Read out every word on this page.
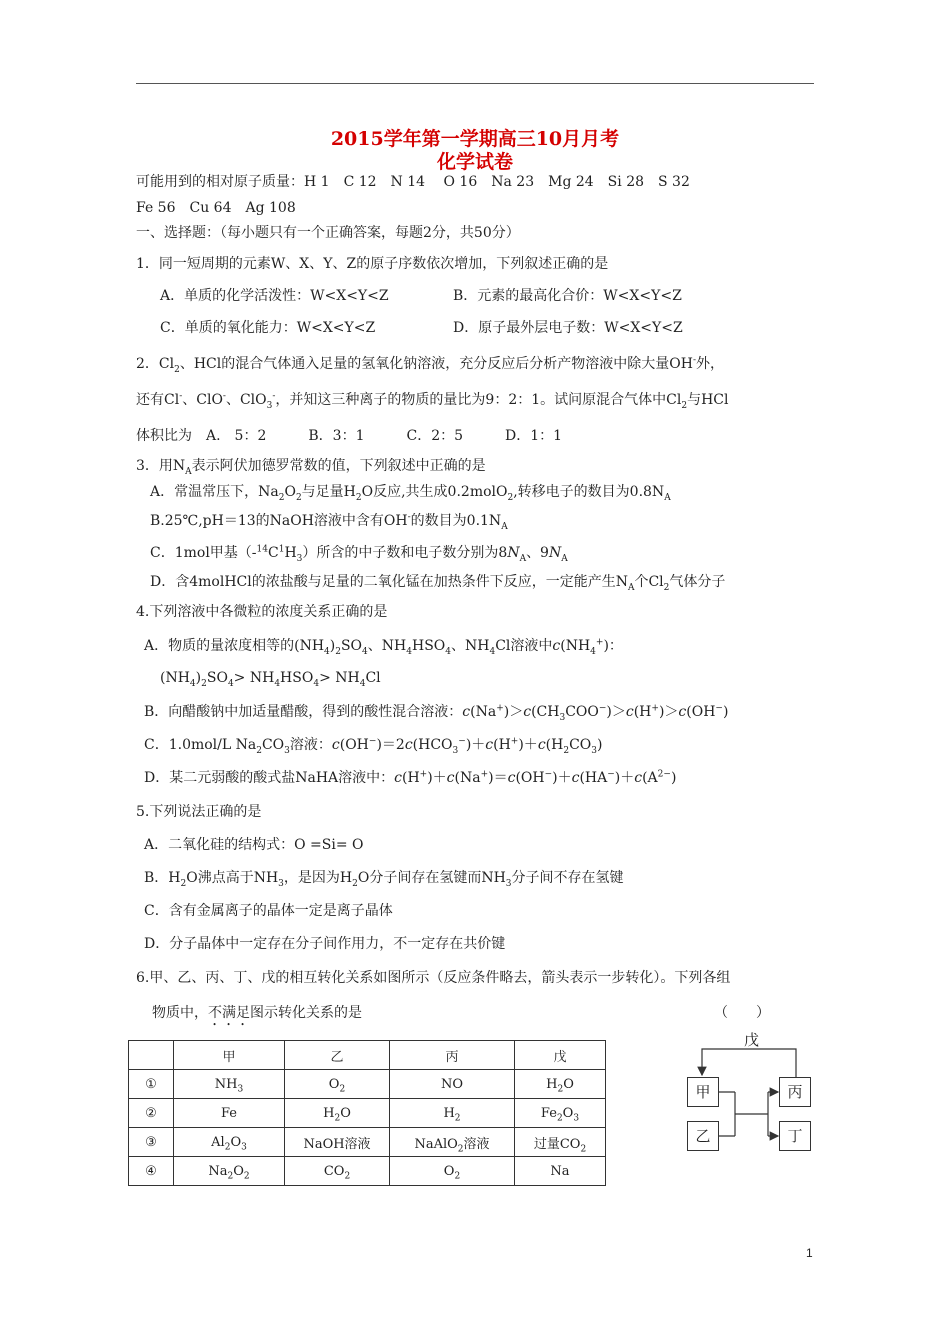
2015学年第一学期高三10月月考
化学试卷
可能用到的相对原子质量：H 1　C 12　N 14　 O 16　Na 23　Mg 24　Si 28　S 32
Fe 56　Cu 64　Ag 108
一、选择题：（每小题只有一个正确答案，每题2分，共50分）
1．同一短周期的元素W、X、Y、Z的原子序数依次增加，下列叙述正确的是
A．单质的化学活泼性：W<X<Y<Z	B．元素的最高化合价：W<X<Y<Z
C．单质的氧化能力：W<X<Y<Z	D．原子最外层电子数：W<X<Y<Z
2．$Cl_2$、HCl的混合气体通入足量的氢氧化钠溶液，充分反应后分析产物溶液中除大量OH-外，
还有Cl-、ClO-、ClO$_3$-，并知这三种离子的物质的量比为9：2：1。试问原混合气体中$Cl_2$与HCl
体积比为　A.　5：2　　　B．3：1　　　C．2：5　　　D．1：1
3．用$N_A$表示阿伏加德罗常数的值，下列叙述中正确的是
A．常温常压下，$Na_2O_2$与足量$H_2O$反应,共生成0.2molO$_2$,转移电子的数目为$0.8N_A$
B.25℃,pH＝13的NaOH溶液中含有OH-的数目为$0.1N_A$
C．1mol甲基$(-^{14}C^1H_3)$所含的中子数和电子数分别为$8N_A$、$9N_A$
D．含4molHCl的浓盐酸与足量的二氧化锰在加热条件下反应，一定能产生$N_A$个$Cl_2$气体分子
4.下列溶液中各微粒的浓度关系正确的是
A．物质的量浓度相等的$(NH_4)_2SO_4$、$NH_4HSO_4$、$NH_4Cl$溶液中$c(NH_4^+)$：
$(NH_4)_2SO_4> NH_4HSO_4> NH_4Cl$
B．向醋酸钠中加适量醋酸，得到的酸性混合溶液：$c(Na^+)>c(CH_3COO^-)>c(H^+)>c(OH^-)$
C．1.0mol/L $Na_2CO_3$溶液：$c(OH^-)=2c(HCO_3^-)+c(H^+)+c(H_2CO_3)$
D．某二元弱酸的酸式盐NaHA溶液中：$c(H^+)+c(Na^+)=c(OH^-)+c(HA^-)+c(A^{2-})$
5.下列说法正确的是
A．二氧化硅的结构式：O =Si= O
B．$H_2O$沸点高于$NH_3$，是因为$H_2O$分子间存在氢键而$NH_3$分子间不存在氢键
C．含有金属离子的晶体一定是离子晶体
D．分子晶体中一定存在分子间作用力，不一定存在共价键
6.甲、乙、丙、丁、戊的相互转化关系如图所示（反应条件略去，箭头表示一步转化）。下列各组
物质中，不满足图示转化关系的是	（　　）
	甲	乙	丙	戊
①	$NH_3$	$O_2$	NO	$H_2O$
②	Fe	$H_2O$	$H_2$	$Fe_2O_3$
③	$Al_2O_3$	NaOH溶液	NaAlO$_2$溶液	过量$CO_2$
④	$Na_2O_2$	$CO_2$	$O_2$	Na
戊
甲
乙
丙
丁
1
